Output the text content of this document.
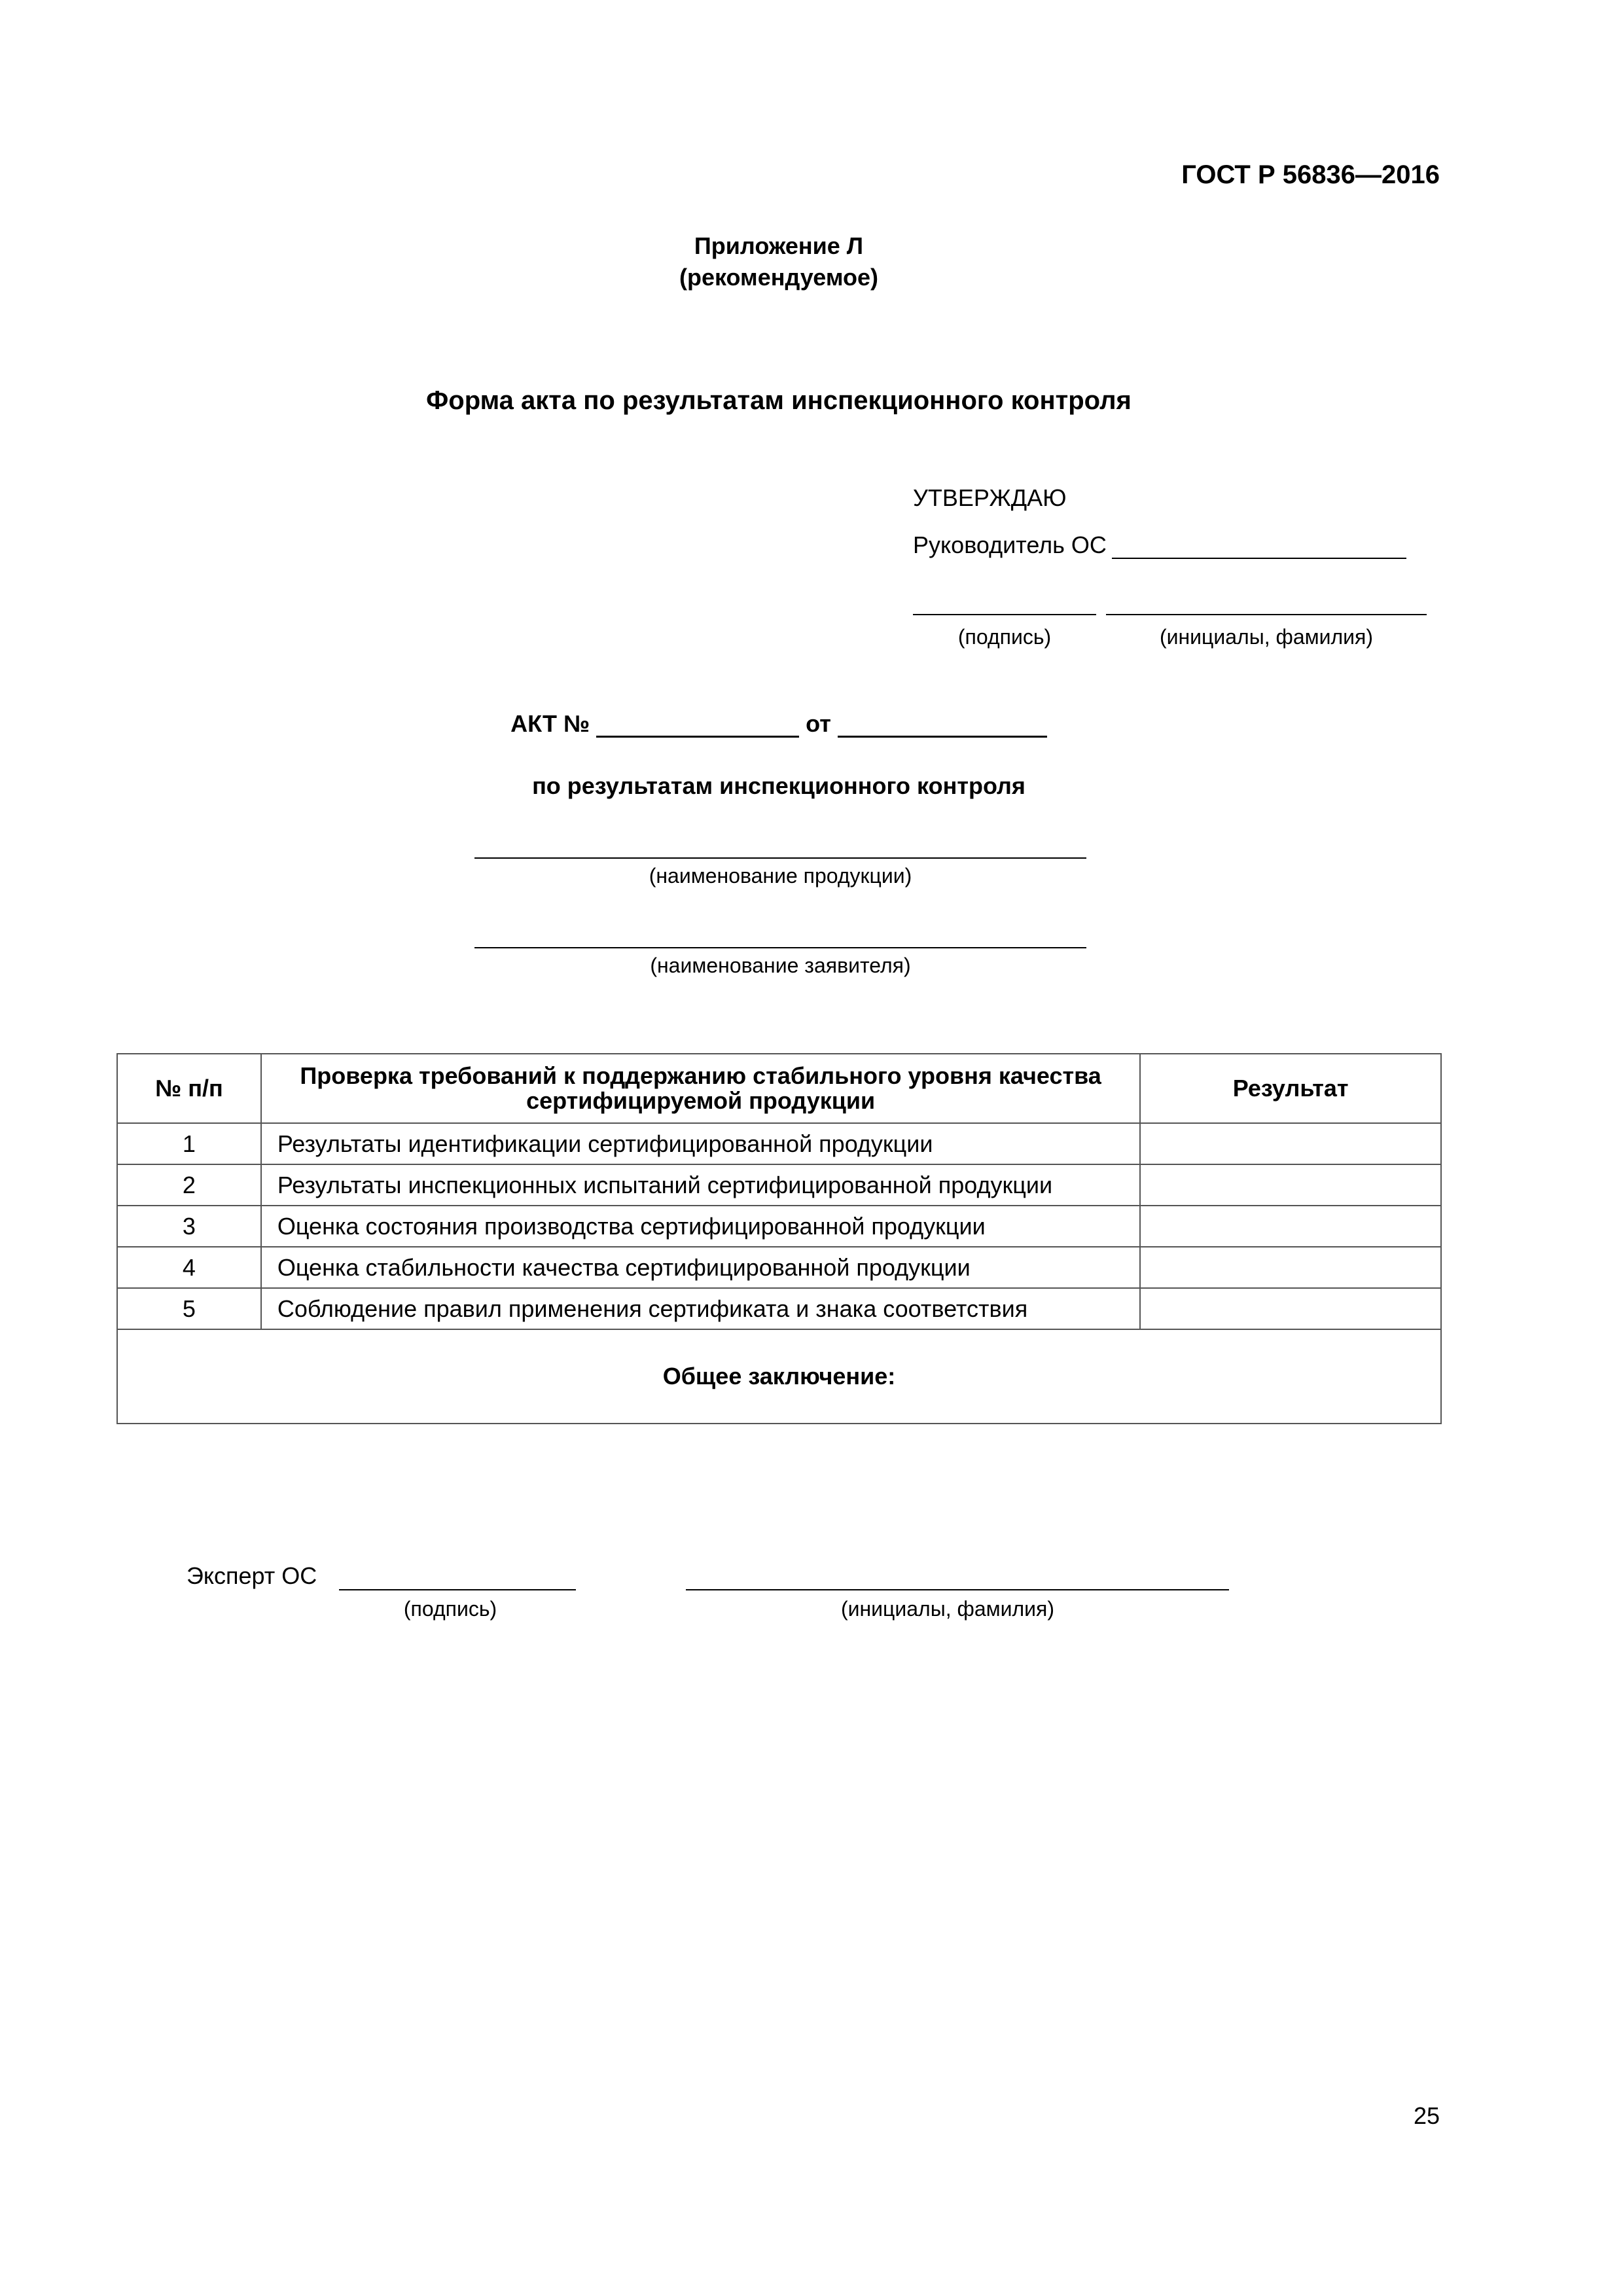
ГОСТ Р 56836—2016
Приложение Л
(рекомендуемое)
Форма акта по результатам инспекционного контроля
УТВЕРЖДАЮ
Руководитель ОС
(подпись)	(инициалы, фамилия)
АКТ №	от
по результатам инспекционного контроля
(наименование продукции)
(наименование заявителя)
№ п/п	Проверка требований к поддержанию стабильного уровня качества сертифицируемой продукции	Результат
1	Результаты идентификации сертифицированной продукции	
2	Результаты инспекционных испытаний сертифицированной продукции	
3	Оценка состояния производства сертифицированной продукции	
4	Оценка стабильности качества сертифицированной продукции	
5	Соблюдение правил применения сертификата и знака соответствия	
Общее заключение:		
Эксперт ОС
(подпись)	(инициалы, фамилия)
25
